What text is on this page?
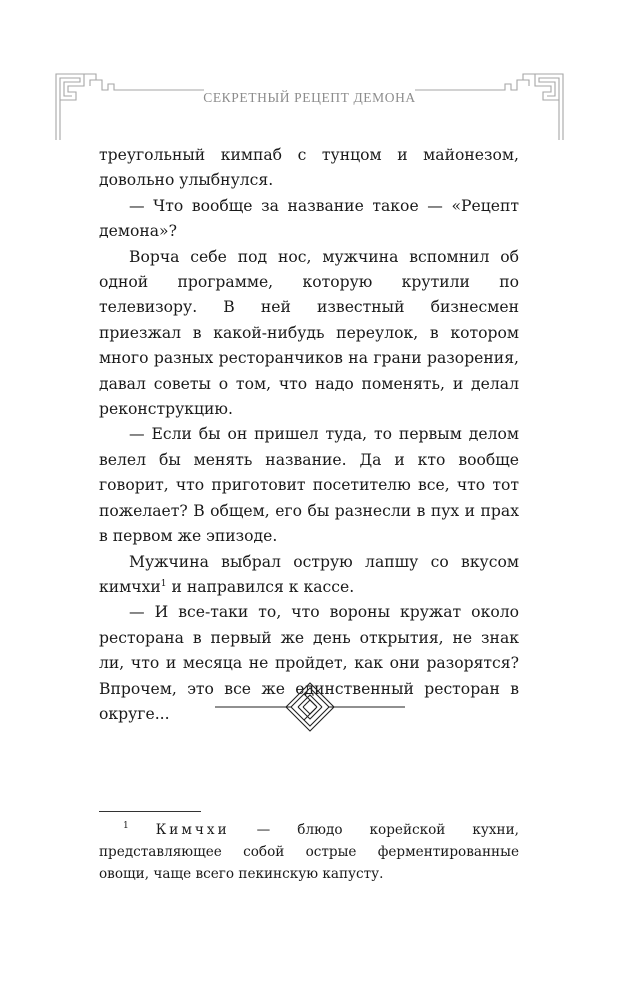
СЕКРЕТНЫЙ РЕЦЕПТ ДЕМОНА

треугольный кимпаб с тунцом и майонезом, довольно улыбнулся.

— Что вообще за название такое — «Рецепт демона»?

Ворча себе под нос, мужчина вспомнил об одной программе, которую крутили по телевизору. В ней известный бизнесмен приезжал в какой-нибудь переулок, в котором много разных ресторанчиков на грани разорения, давал советы о том, что надо поменять, и делал реконструкцию.

— Если бы он пришел туда, то первым делом велел бы менять название. Да и кто вообще говорит, что приготовит посетителю все, что тот пожелает? В общем, его бы разнесли в пух и прах в первом же эпизоде.

Мужчина выбрал острую лапшу со вкусом кимчхи$^1$ и направился к кассе.

— И все-таки то, что вороны кружат около ресторана в первый же день открытия, не знак ли, что и месяца не пройдет, как они разорятся? Впрочем, это все же единственный ресторан в округе...

$^1$ Кимчхи — блюдо корейской кухни, представляющее собой острые ферментированные овощи, чаще всего пекинскую капусту.
